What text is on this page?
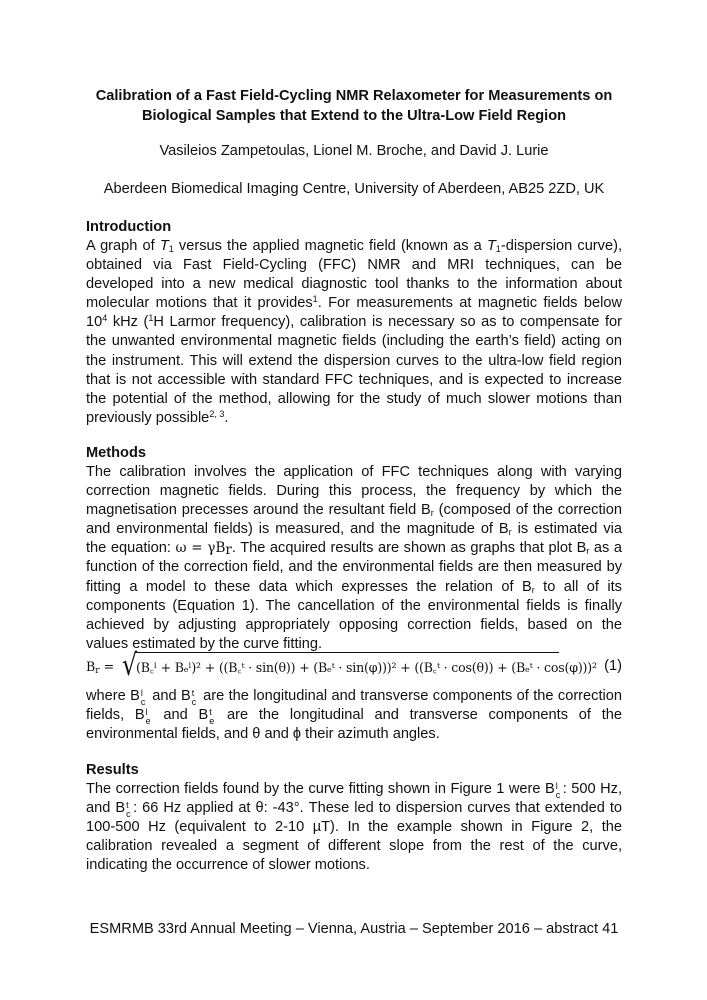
Calibration of a Fast Field-Cycling NMR Relaxometer for Measurements on
Biological Samples that Extend to the Ultra-Low Field Region
Vasileios Zampetoulas, Lionel M. Broche, and David J. Lurie
Aberdeen Biomedical Imaging Centre, University of Aberdeen, AB25 2ZD, UK

Introduction

A graph of $T_1$ versus the applied magnetic field (known as a $T_1$-dispersion curve), obtained via Fast Field-Cycling (FFC) NMR and MRI techniques, can be developed into a new medical diagnostic tool thanks to the information about molecular motions that it provides$^1$. For measurements at magnetic fields below $10^4$ kHz ($^1$H Larmor frequency), calibration is necessary so as to compensate for the unwanted environmental magnetic fields (including the earth’s field) acting on the instrument. This will extend the dispersion curves to the ultra-low field region that is not accessible with standard FFC techniques, and is expected to increase the potential of the method, allowing for the study of much slower motions than previously possible$^{2, 3}$.

Methods

The calibration involves the application of FFC techniques along with varying correction magnetic fields. During this process, the frequency by which the magnetisation precesses around the resultant field $B_r$ (composed of the correction and environmental fields) is measured, and the magnitude of $B_r$ is estimated via the equation: $\omega = \gamma B_r$. The acquired results are shown as graphs that plot $B_r$ as a function of the correction field, and the environmental fields are then measured by fitting a model to these data which expresses the relation of $B_r$ to all of its components (Equation 1). The cancellation of the environmental fields is finally achieved by adjusting appropriately opposing correction fields, based on the values estimated by the curve fitting.

$B_r$ = √
(B꜀ˡ + Bₑˡ)² + ((B꜀ᵗ · sin(θ)) + (Bₑᵗ · sin(φ)))² + ((B꜀ᵗ · cos(θ)) + (Bₑᵗ · cos(φ)))² (1)

where B l
c and B t
c are the longitudinal and transverse components of the correction fields, B l
e and B t
e are the longitudinal and transverse components of the environmental fields, and θ and ϕ their azimuth angles.

Results

The correction fields found by the curve fitting shown in Figure 1 were B l
c : 500 Hz, and B t
c : 66 Hz applied at θ: -43°. These led to dispersion curves that extended to 100-500 Hz (equivalent to 2-10 µT). In the example shown in Figure 2, the calibration revealed a segment of different slope from the rest of the curve, indicating the occurrence of slower motions.

ESMRMB 33rd Annual Meeting – Vienna, Austria – September 2016 – abstract 41
